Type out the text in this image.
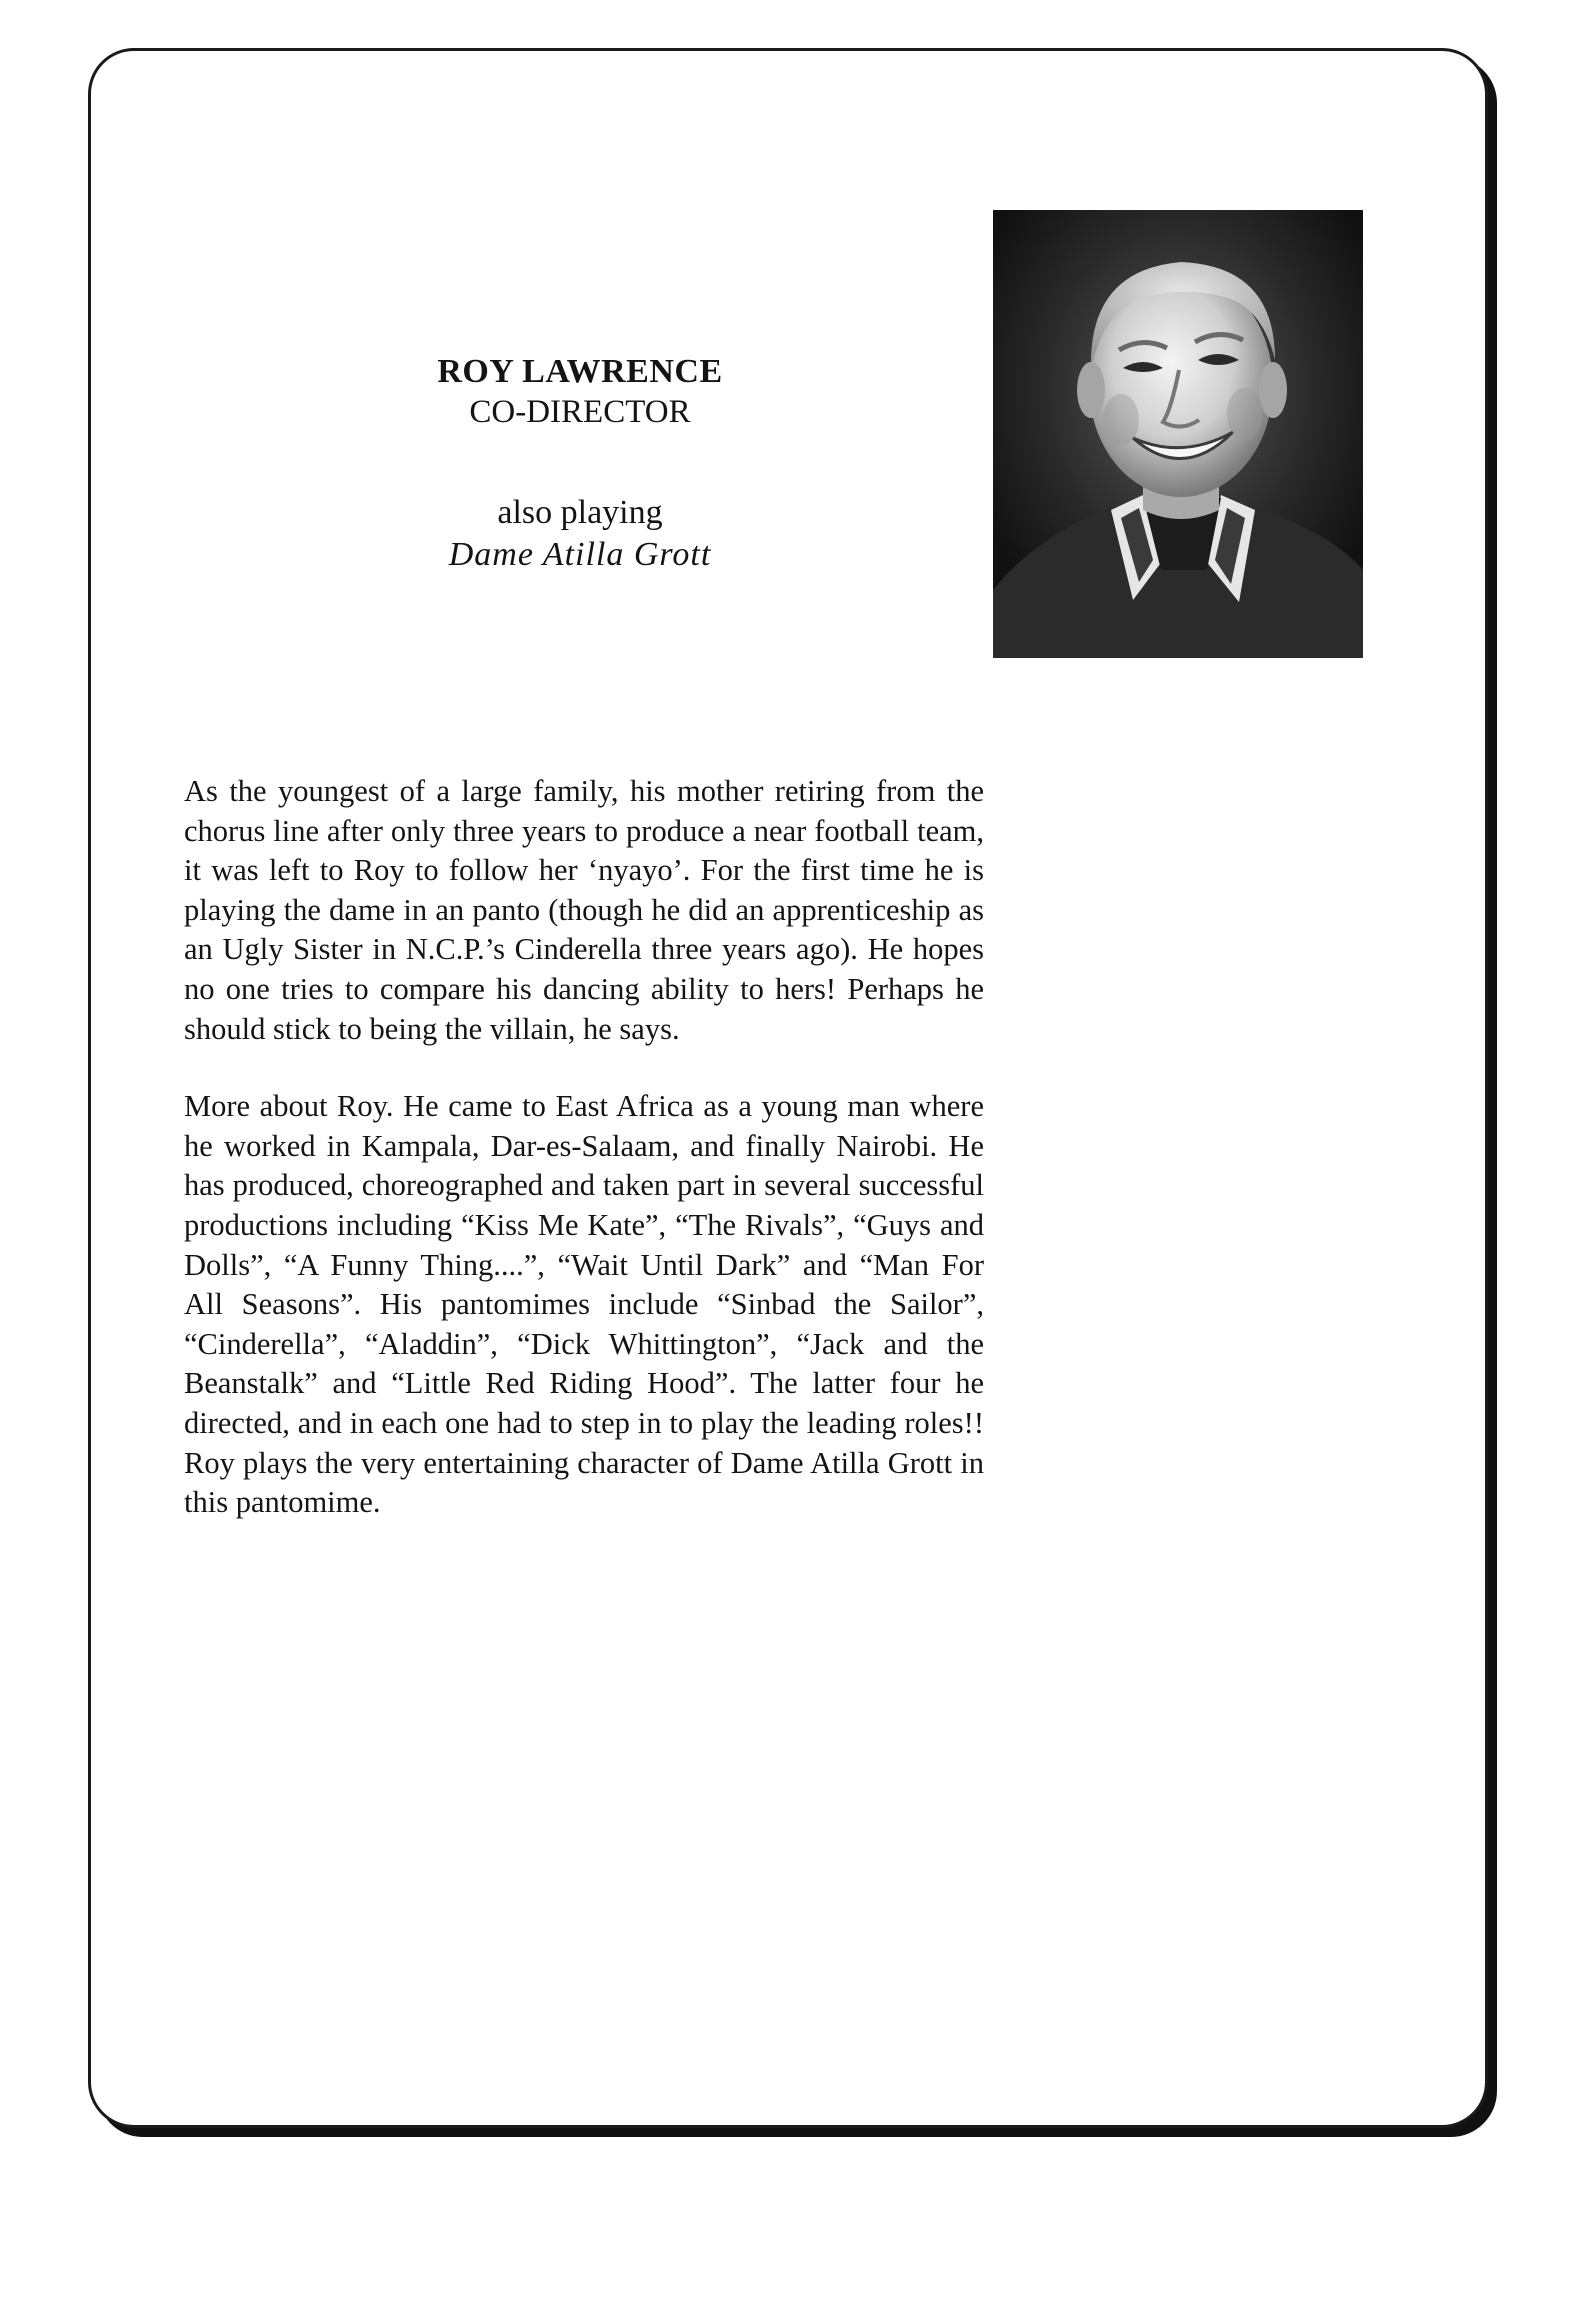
ROY LAWRENCE
CO-DIRECTOR
also playing
Dame Atilla Grott

As the youngest of a large family, his mother retiring from the chorus line after only three years to produce a near football team, it was left to Roy to follow her ‘nyayo’. For the first time he is playing the dame in an panto (though he did an apprenticeship as an Ugly Sister in N.C.P.’s Cinderella three years ago). He hopes no one tries to compare his dancing ability to hers! Perhaps he should stick to being the villain, he says.

More about Roy. He came to East Africa as a young man where he worked in Kampala, Dar-es-Salaam, and finally Nairobi. He has produced, choreographed and taken part in several successful productions including “Kiss Me Kate”, “The Rivals”, “Guys and Dolls”, “A Funny Thing....”, “Wait Until Dark” and “Man For All Seasons”. His pantomimes include “Sinbad the Sailor”, “Cinderella”, “Aladdin”, “Dick Whittington”, “Jack and the Beanstalk” and “Little Red Riding Hood”. The latter four he directed, and in each one had to step in to play the leading roles!! Roy plays the very entertaining character of Dame Atilla Grott in this pantomime.
